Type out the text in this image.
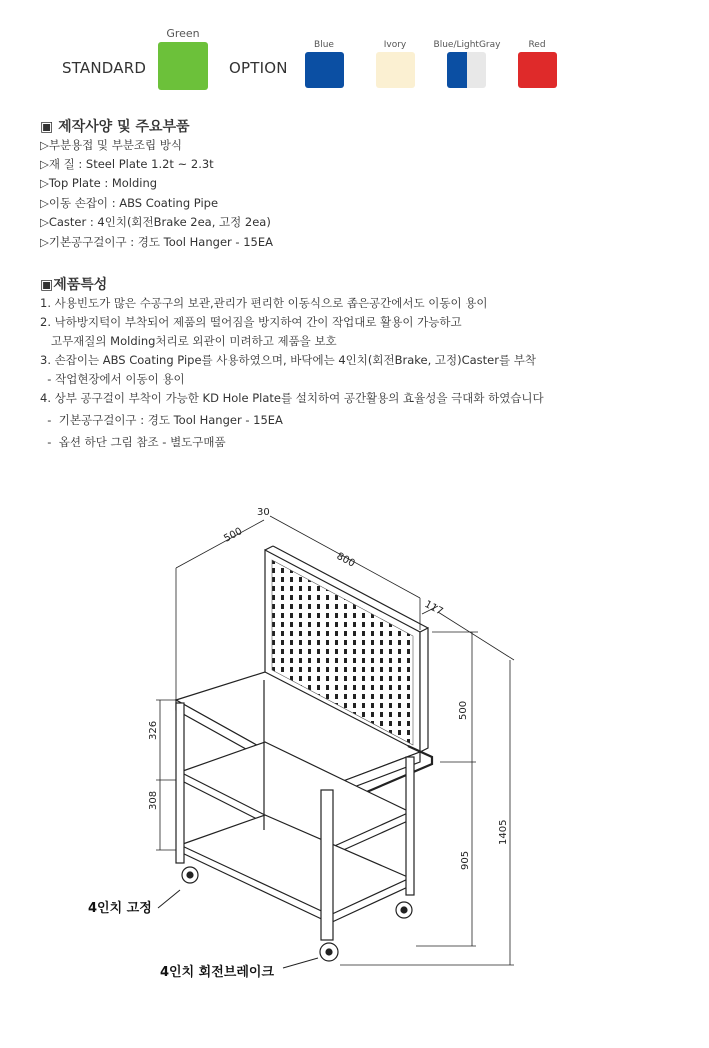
STANDARD
Green
OPTION
Blue	Ivory	Blue/LightGray	Red
▣ 제작사양 및 주요부품
▷부분용접 및 부분조립 방식
▷재 질 : Steel Plate 1.2t ~ 2.3t
▷Top Plate : Molding
▷이동 손잡이 : ABS Coating Pipe
▷Caster : 4인치(회전Brake 2ea, 고정 2ea)
▷기본공구걸이구 : 경도 Tool Hanger - 15EA
▣제품특성
1. 사용빈도가 많은 수공구의 보관,관리가 편리한 이동식으로 좁은공간에서도 이동이 용이
2. 낙하방지턱이 부착되어 제품의 떨어짐을 방지하여 간이 작업대로 활용이 가능하고
고무재질의 Molding처리로 외관이 미려하고 제품을 보호
3. 손잡이는 ABS Coating Pipe를 사용하였으며, 바닥에는 4인치(회전Brake, 고정)Caster를 부착
- 작업현장에서 이동이 용이
4. 상부 공구걸이 부착이 가능한 KD Hole Plate를 설치하여 공간활용의 효율성을 극대화 하였습니다
-  기본공구걸이구 : 경도 Tool Hanger - 15EA
-  옵션 하단 그림 참조 - 별도구매품
500
30
800
117
500
1405
905
326
308
4인치 고정
4인치 회전브레이크
